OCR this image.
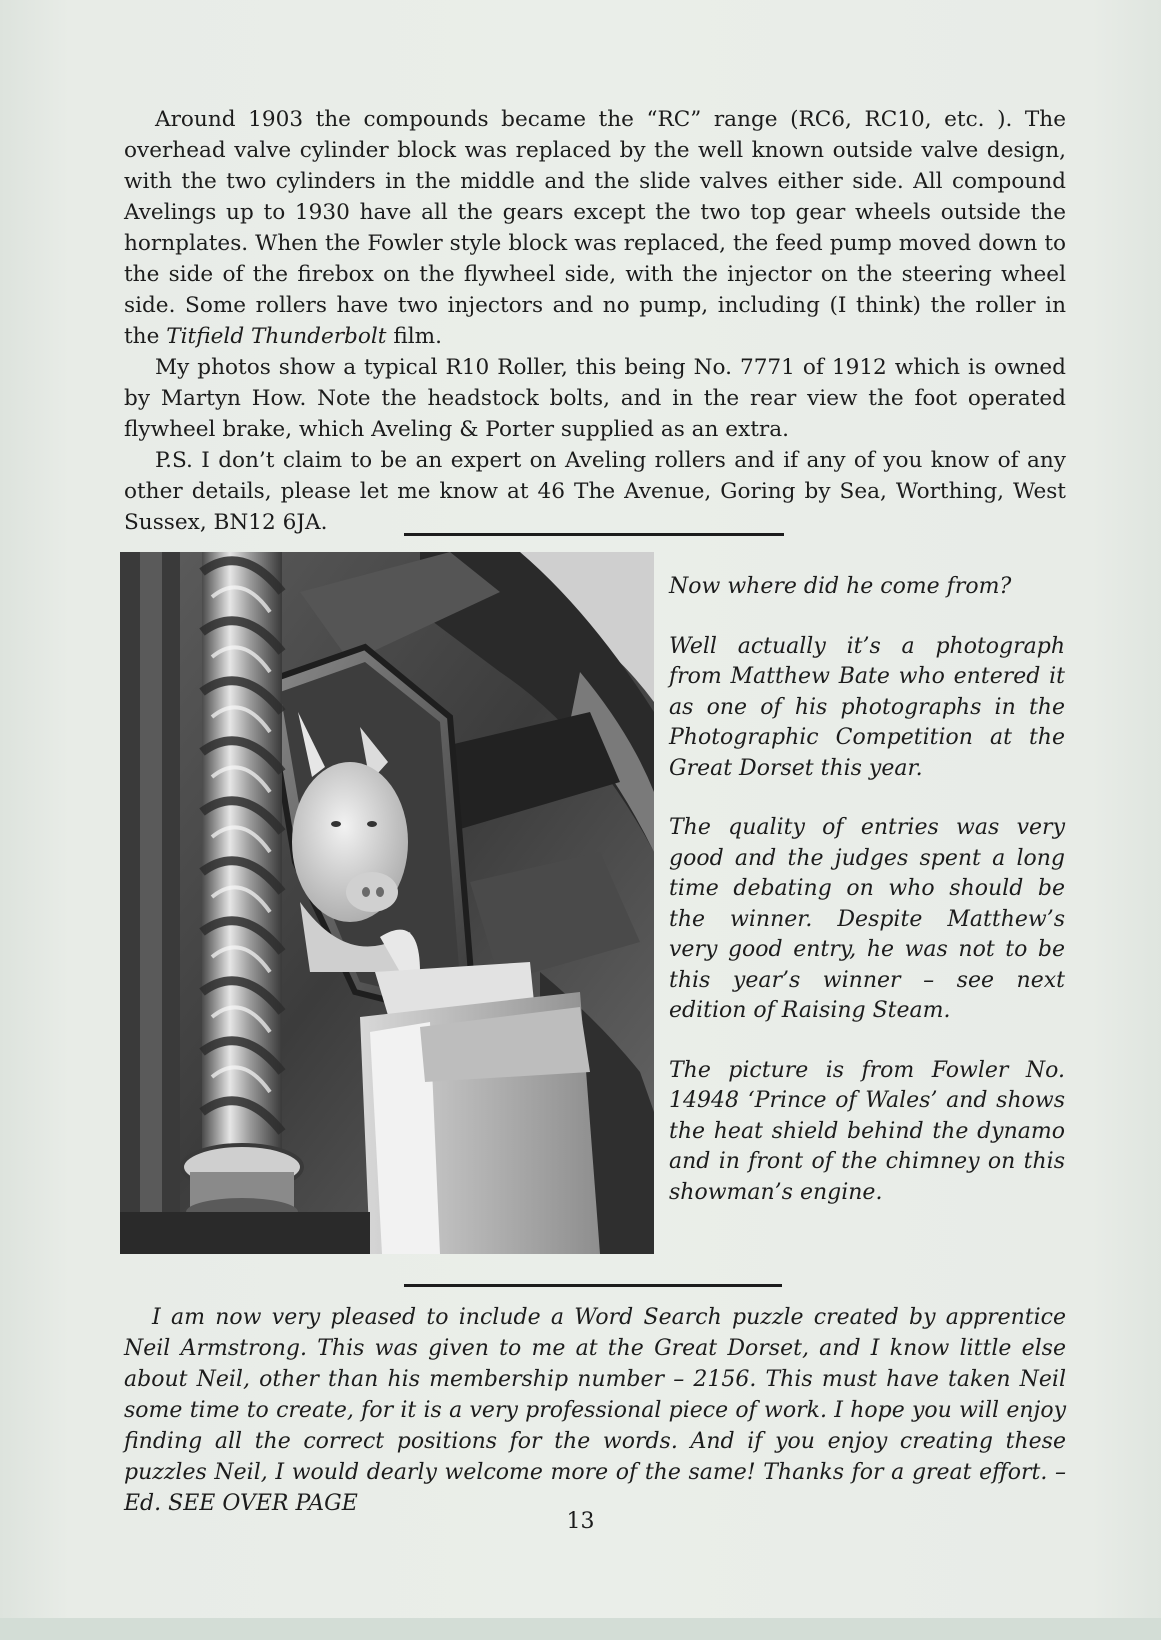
Around 1903 the compounds became the “RC” range (RC6, RC10, etc. ). The overhead valve cylinder block was replaced by the well known outside valve design, with the two cylinders in the middle and the slide valves either side. All compound Avelings up to 1930 have all the gears except the two top gear wheels outside the hornplates. When the Fowler style block was replaced, the feed pump moved down to the side of the firebox on the flywheel side, with the injector on the steering wheel side. Some rollers have two injectors and no pump, including (I think) the roller in the Titfield Thunderbolt film.

My photos show a typical R10 Roller, this being No. 7771 of 1912 which is owned by Martyn How. Note the headstock bolts, and in the rear view the foot operated flywheel brake, which Aveling & Porter supplied as an extra.

P.S. I don’t claim to be an expert on Aveling rollers and if any of you know of any other details, please let me know at 46 The Avenue, Goring by Sea, Worthing, West Sussex, BN12 6JA.

Now where did he come from?

Well actually it’s a photograph from Matthew Bate who entered it as one of his photographs in the Photographic Competition at the Great Dorset this year.

The quality of entries was very good and the judges spent a long time debating on who should be the winner. Despite Matthew’s very good entry, he was not to be this year’s winner – see next edition of Raising Steam.

The picture is from Fowler No. 14948 ‘Prince of Wales’ and shows the heat shield behind the dynamo and in front of the chimney on this showman’s engine.

I am now very pleased to include a Word Search puzzle created by apprentice Neil Armstrong. This was given to me at the Great Dorset, and I know little else about Neil, other than his membership number – 2156. This must have taken Neil some time to create, for it is a very professional piece of work. I hope you will enjoy finding all the correct positions for the words. And if you enjoy creating these puzzles Neil, I would dearly welcome more of the same! Thanks for a great effort. – Ed. SEE OVER PAGE

13
